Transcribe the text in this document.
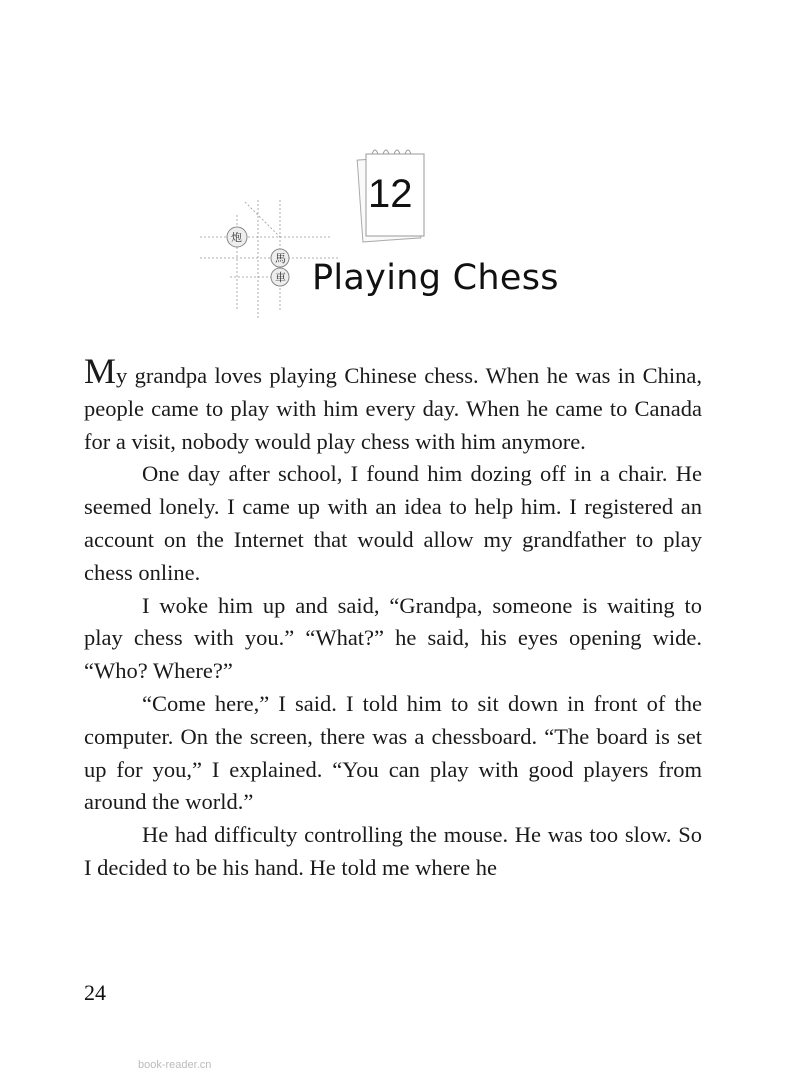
炮
馬
車
12
Playing Chess

My grandpa loves playing Chinese chess. When he was in China, people came to play with him every day. When he came to Canada for a visit, nobody would play chess with him anymore.

One day after school, I found him dozing off in a chair. He seemed lonely. I came up with an idea to help him. I registered an account on the Internet that would allow my grandfather to play chess online.

I woke him up and said, “Grandpa, someone is waiting to play chess with you.” “What?” he said, his eyes opening wide. “Who? Where?”

“Come here,” I said. I told him to sit down in front of the computer. On the screen, there was a chessboard. “The board is set up for you,” I explained. “You can play with good players from around the world.”

He had difficulty controlling the mouse. He was too slow. So I decided to be his hand. He told me where he

24
book-reader.cn
